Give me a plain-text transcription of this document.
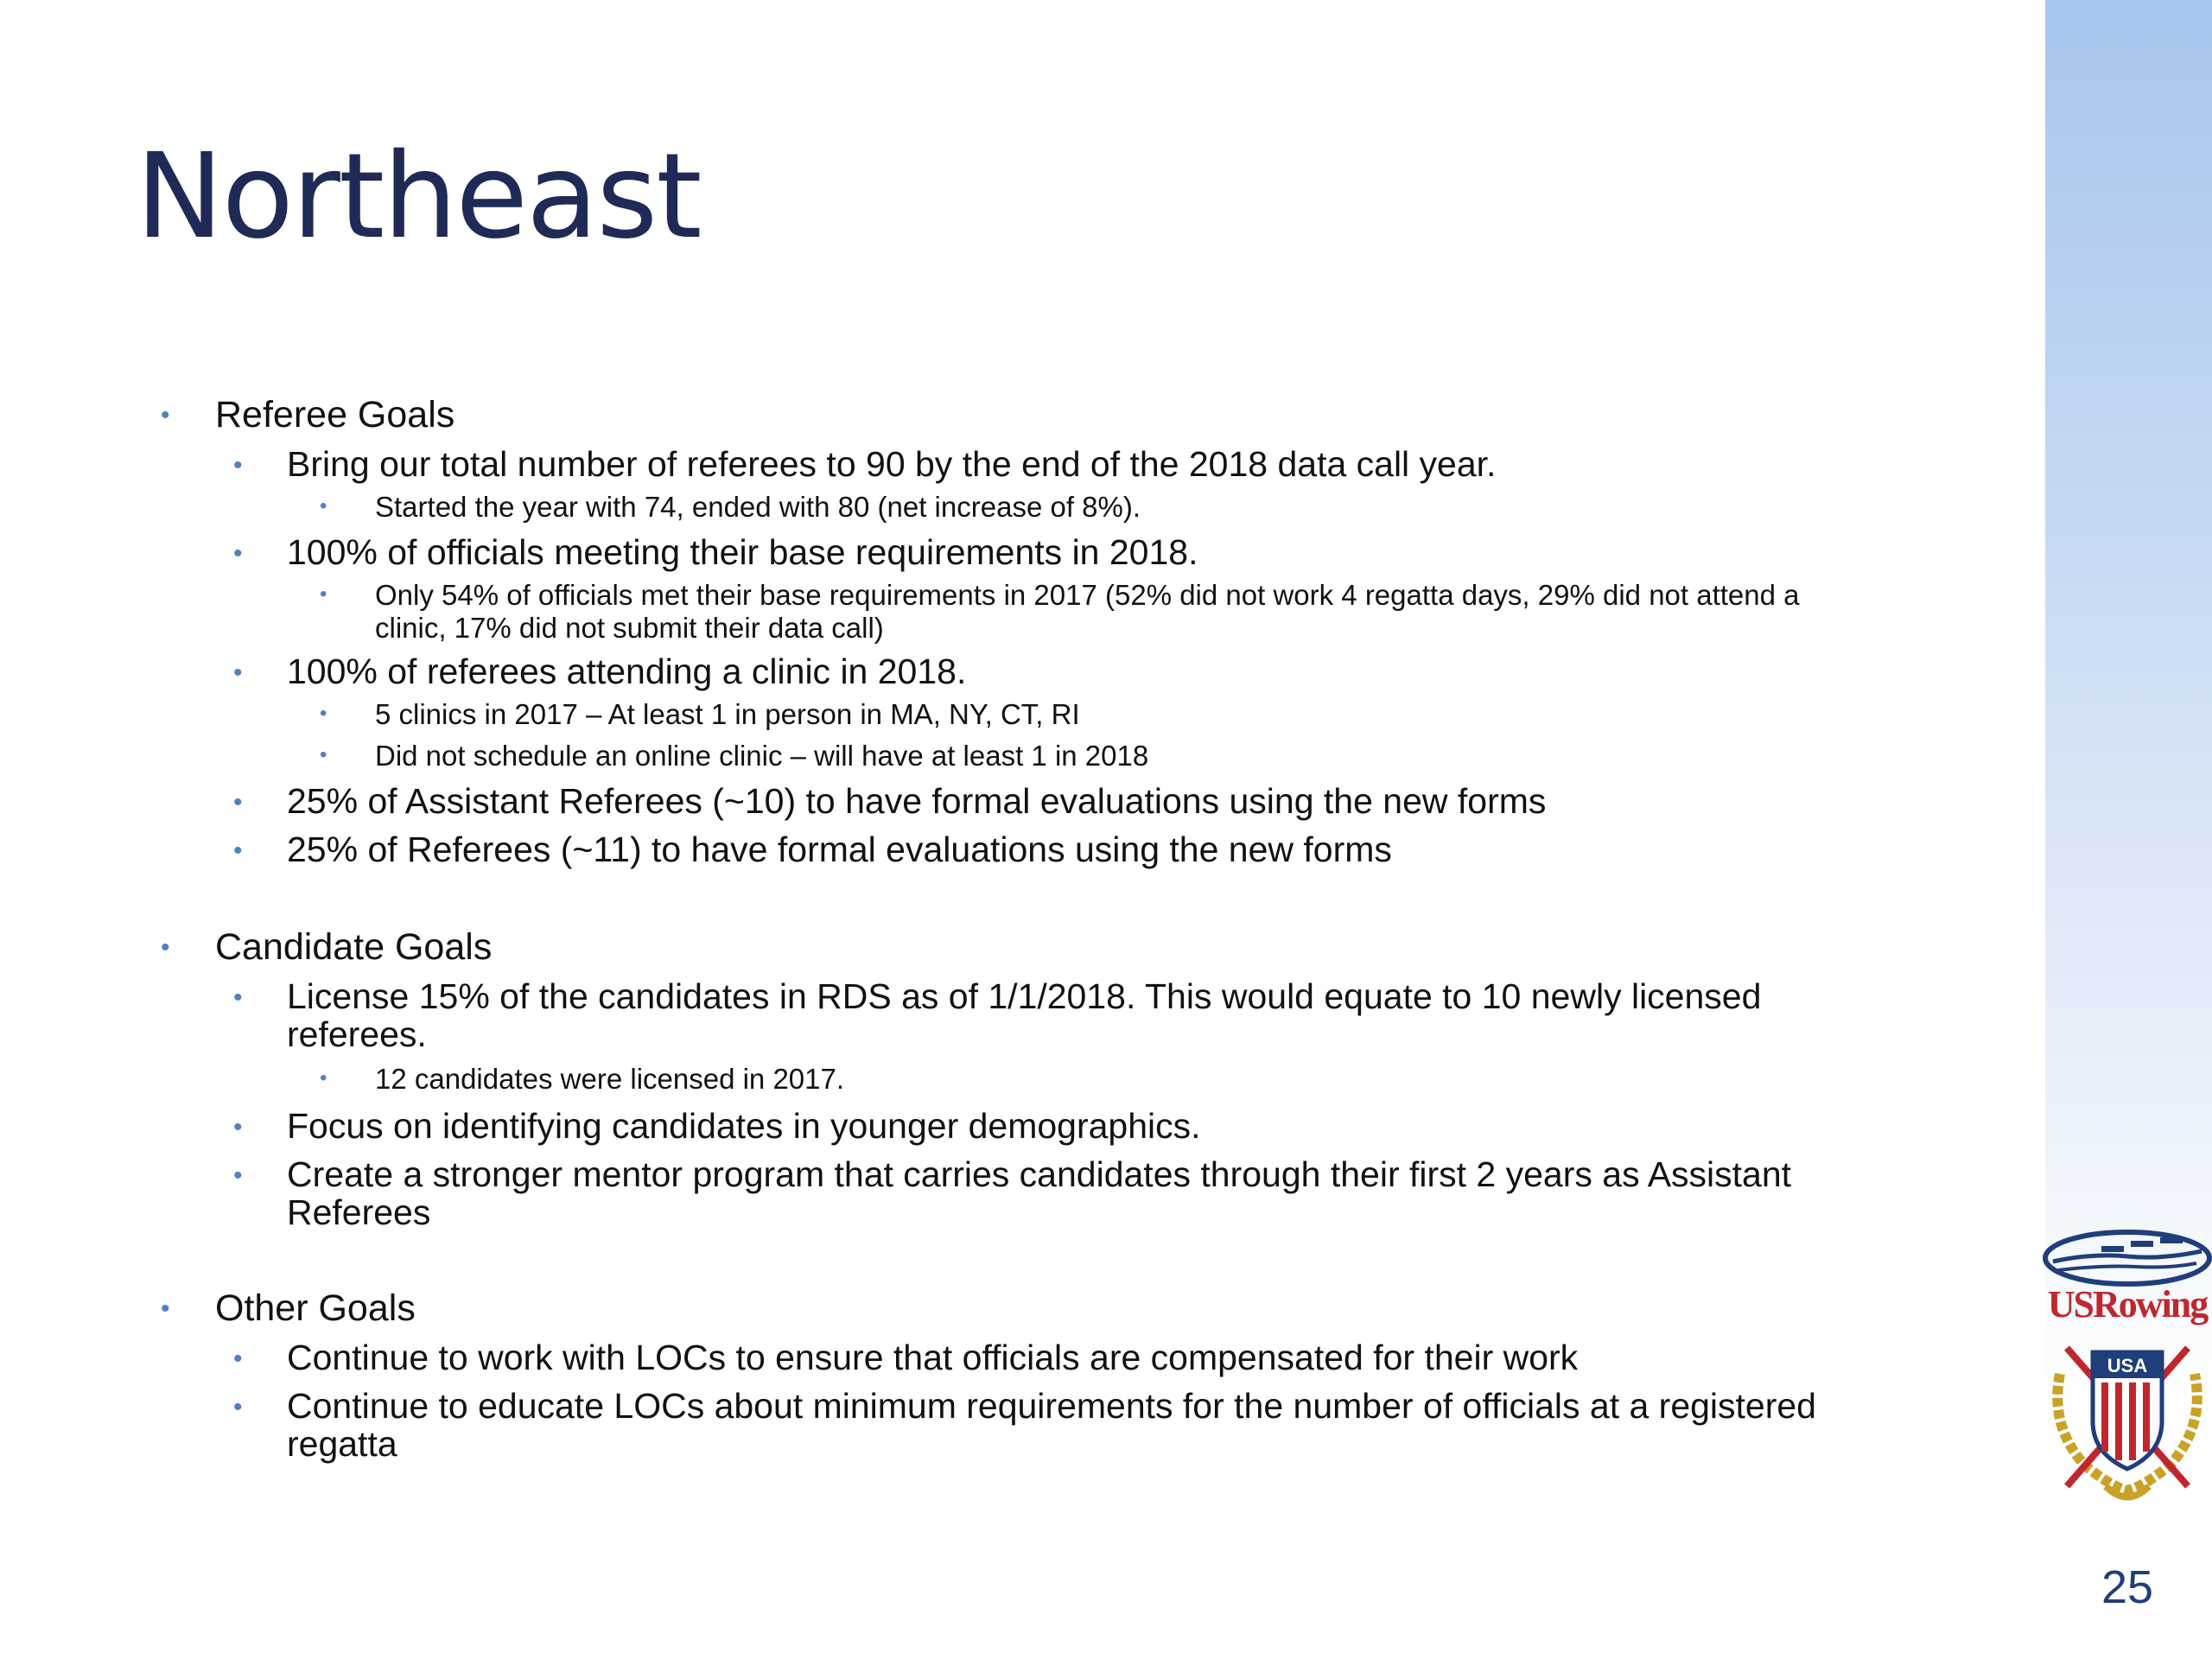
Northeast
• Referee Goals
• Bring our total number of referees to 90 by the end of the 2018 data call year.
• Started the year with 74, ended with 80 (net increase of 8%).
• 100% of officials meeting their base requirements in 2018.
• Only 54% of officials met their base requirements in 2017 (52% did not work 4 regatta days, 29% did not attend a
clinic, 17% did not submit their data call)
• 100% of referees attending a clinic in 2018.
• 5 clinics in 2017 – At least 1 in person in MA, NY, CT, RI
• Did not schedule an online clinic – will have at least 1 in 2018
• 25% of Assistant Referees (~10) to have formal evaluations using the new forms
• 25% of Referees (~11) to have formal evaluations using the new forms
• Candidate Goals
• License 15% of the candidates in RDS as of 1/1/2018. This would equate to 10 newly licensed
referees.
• 12 candidates were licensed in 2017.
• Focus on identifying candidates in younger demographics.
• Create a stronger mentor program that carries candidates through their first 2 years as Assistant
Referees
• Other Goals
• Continue to work with LOCs to ensure that officials are compensated for their work
• Continue to educate LOCs about minimum requirements for the number of officials at a registered
regatta
USRowing
USA
25
